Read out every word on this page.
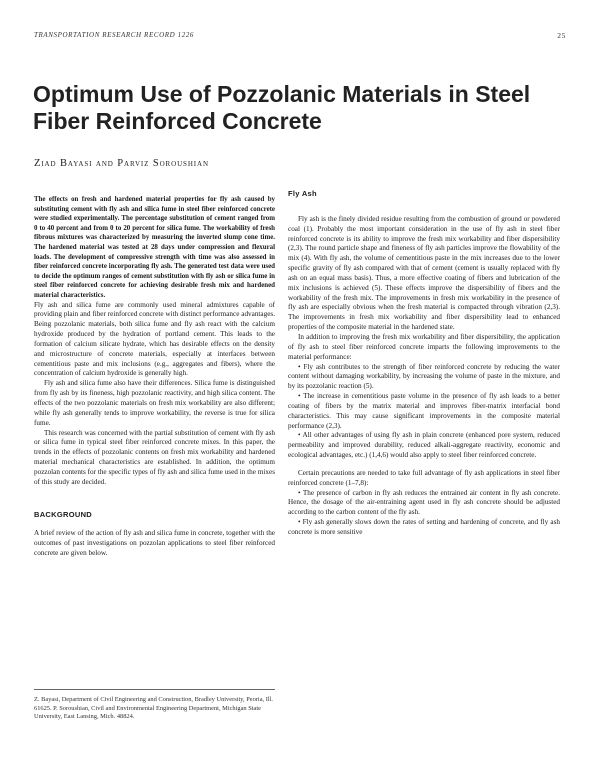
TRANSPORTATION RESEARCH RECORD 1226	25
Optimum Use of Pozzolanic Materials in Steel Fiber Reinforced Concrete

Ziad Bayasi and Parviz Soroushian

The effects on fresh and hardened material properties for fly ash caused by substituting cement with fly ash and silica fume in steel fiber reinforced concrete were studied experimentally. The percentage substitution of cement ranged from 0 to 40 percent and from 0 to 20 percent for silica fume. The workability of fresh fibrous mixtures was characterized by measuring the inverted slump cone time. The hardened material was tested at 28 days under compression and flexural loads. The development of compressive strength with time was also assessed in fiber reinforced concrete incorporating fly ash. The generated test data were used to decide the optimum ranges of cement substitution with fly ash or silica fume in steel fiber reinforced concrete for achieving desirable fresh mix and hardened material characteristics.

Fly ash and silica fume are commonly used mineral admixtures capable of providing plain and fiber reinforced concrete with distinct performance advantages. Being pozzolanic materials, both silica fume and fly ash react with the calcium hydroxide produced by the hydration of portland cement. This leads to the formation of calcium silicate hydrate, which has desirable effects on the density and microstructure of concrete materials, especially at interfaces between cementitious paste and mix inclusions (e.g., aggregates and fibers), where the concentration of calcium hydroxide is generally high.

Fly ash and silica fume also have their differences. Silica fume is distinguished from fly ash by its fineness, high pozzolanic reactivity, and high silica content. The effects of the two pozzolanic materials on fresh mix workability are also different; while fly ash generally tends to improve workability, the reverse is true for silica fume.

This research was concerned with the partial substitution of cement with fly ash or silica fume in typical steel fiber reinforced concrete mixes. In this paper, the trends in the effects of pozzolanic contents on fresh mix workability and hardened material mechanical characteristics are established. In addition, the optimum pozzolan contents for the specific types of fly ash and silica fume used in the mixes of this study are decided.

BACKGROUND

A brief review of the action of fly ash and silica fume in concrete, together with the outcomes of past investigations on pozzolan applications to steel fiber reinforced concrete are given below.

Z. Bayasi, Department of Civil Engineering and Construction, Bradley University, Peoria, Ill. 61625. P. Soroushian, Civil and Environmental Engineering Department, Michigan State University, East Lansing, Mich. 48824.
Fly Ash

Fly ash is the finely divided residue resulting from the combustion of ground or powdered coal (1). Probably the most important consideration in the use of fly ash in steel fiber reinforced concrete is its ability to improve the fresh mix workability and fiber dispersibility (2,3). The round particle shape and fineness of fly ash particles improve the flowability of the mix (4). With fly ash, the volume of cementitious paste in the mix increases due to the lower specific gravity of fly ash compared with that of cement (cement is usually replaced with fly ash on an equal mass basis). Thus, a more effective coating of fibers and lubrication of the mix inclusions is achieved (5). These effects improve the dispersibility of fibers and the workability of the fresh mix. The improvements in fresh mix workability in the presence of fly ash are especially obvious when the fresh material is compacted through vibration (2,3). The improvements in fresh mix workability and fiber dispersibility lead to enhanced properties of the composite material in the hardened state.

In addition to improving the fresh mix workability and fiber dispersibility, the application of fly ash to steel fiber reinforced concrete imparts the following improvements to the material performance:

• Fly ash contributes to the strength of fiber reinforced concrete by reducing the water content without damaging workability, by increasing the volume of paste in the mixture, and by its pozzolanic reaction (5).

• The increase in cementitious paste volume in the presence of fly ash leads to a better coating of fibers by the matrix material and improves fiber-matrix interfacial bond characteristics. This may cause significant improvements in the composite material performance (2,3).

• All other advantages of using fly ash in plain concrete (enhanced pore system, reduced permeability and improved durability, reduced alkali-aggregate reactivity, economic and ecological advantages, etc.) (1,4,6) would also apply to steel fiber reinforced concrete.

Certain precautions are needed to take full advantage of fly ash applications in steel fiber reinforced concrete (1–7,8):

• The presence of carbon in fly ash reduces the entrained air content in fly ash concrete. Hence, the dosage of the air-entraining agent used in fly ash concrete should be adjusted according to the carbon content of the fly ash.

• Fly ash generally slows down the rates of setting and hardening of concrete, and fly ash concrete is more sensitive
